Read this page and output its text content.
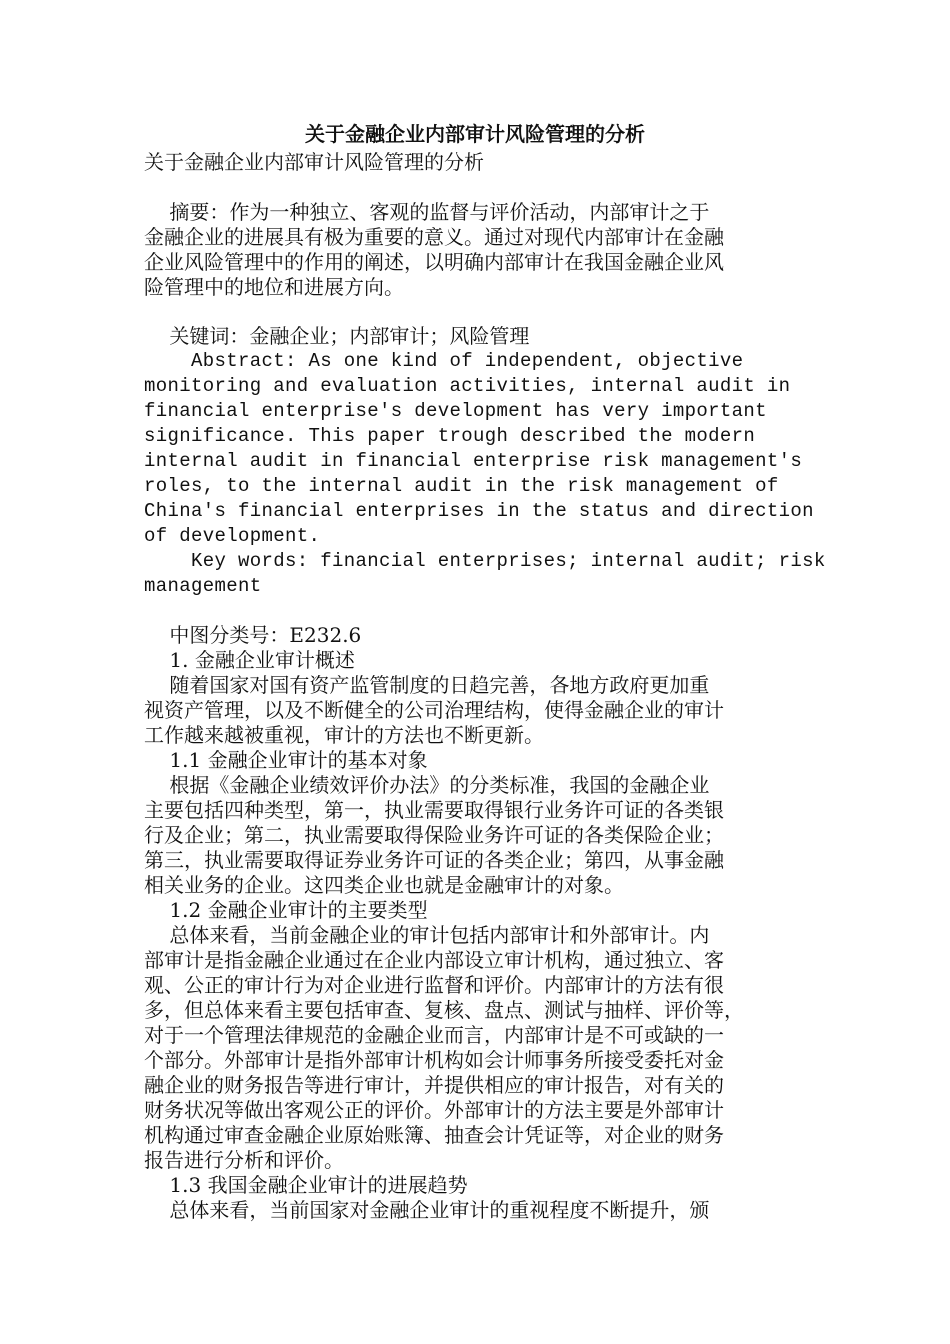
关于金融企业内部审计风险管理的分析
关于金融企业内部审计风险管理的分析
摘要：作为一种独立、客观的监督与评价活动，内部审计之于
金融企业的进展具有极为重要的意义。通过对现代内部审计在金融
企业风险管理中的作用的阐述，以明确内部审计在我国金融企业风
险管理中的地位和进展方向。
关键词：金融企业；内部审计；风险管理
Abstract: As one kind of independent, objective
monitoring and evaluation activities, internal audit in
financial enterprise's development has very important
significance. This paper trough described the modern
internal audit in financial enterprise risk management's
roles, to the internal audit in the risk management of
China's financial enterprises in the status and direction
of development.
Key words: financial enterprises; internal audit; risk
management
中图分类号：E232.6
1. 金融企业审计概述
随着国家对国有资产监管制度的日趋完善，各地方政府更加重
视资产管理，以及不断健全的公司治理结构，使得金融企业的审计
工作越来越被重视，审计的方法也不断更新。
1.1 金融企业审计的基本对象
根据《金融企业绩效评价办法》的分类标准，我国的金融企业
主要包括四种类型，第一，执业需要取得银行业务许可证的各类银
行及企业；第二，执业需要取得保险业务许可证的各类保险企业；
第三，执业需要取得证券业务许可证的各类企业；第四，从事金融
相关业务的企业。这四类企业也就是金融审计的对象。
1.2 金融企业审计的主要类型
总体来看，当前金融企业的审计包括内部审计和外部审计。内
部审计是指金融企业通过在企业内部设立审计机构，通过独立、客
观、公正的审计行为对企业进行监督和评价。内部审计的方法有很
多，但总体来看主要包括审查、复核、盘点、测试与抽样、评价等，
对于一个管理法律规范的金融企业而言，内部审计是不可或缺的一
个部分。外部审计是指外部审计机构如会计师事务所接受委托对金
融企业的财务报告等进行审计，并提供相应的审计报告，对有关的
财务状况等做出客观公正的评价。外部审计的方法主要是外部审计
机构通过审查金融企业原始账簿、抽查会计凭证等，对企业的财务
报告进行分析和评价。
1.3 我国金融企业审计的进展趋势
总体来看，当前国家对金融企业审计的重视程度不断提升，颁
